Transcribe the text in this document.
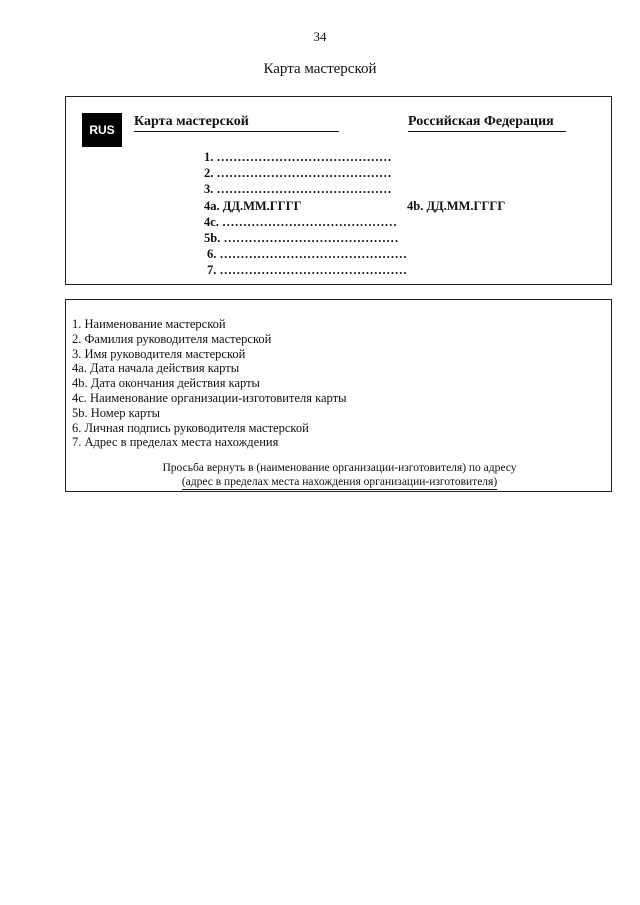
34
Карта мастерской
RUS
Карта мастерской	Российская Федерация
1. ……………………………………
2. ……………………………………
3. ……………………………………
4a. ДД.ММ.ГГГГ	4b. ДД.ММ.ГГГГ
4c. ……………………………………
5b. ……………………………………
6. ………………………………………
7. ………………………………………
1. Наименование мастерской
2. Фамилия руководителя мастерской
3. Имя руководителя мастерской
4a. Дата начала действия карты
4b. Дата окончания действия карты
4c. Наименование организации-изготовителя карты
5b. Номер карты
6. Личная подпись руководителя мастерской
7. Адрес в пределах места нахождения
Просьба вернуть в (наименование организации-изготовителя) по адресу
(адрес в пределах места нахождения организации-изготовителя)
